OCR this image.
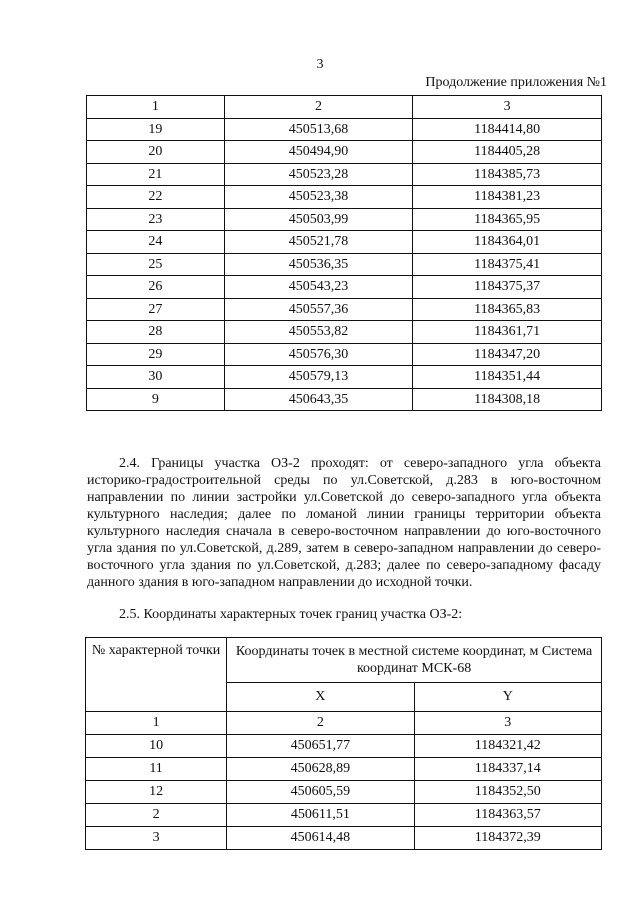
3
Продолжение приложения №1
1	2	3
19	450513,68	1184414,80
20	450494,90	1184405,28
21	450523,28	1184385,73
22	450523,38	1184381,23
23	450503,99	1184365,95
24	450521,78	1184364,01
25	450536,35	1184375,41
26	450543,23	1184375,37
27	450557,36	1184365,83
28	450553,82	1184361,71
29	450576,30	1184347,20
30	450579,13	1184351,44
9	450643,35	1184308,18
2.4. Границы участка ОЗ-2 проходят: от северо-западного угла объекта историко-градостроительной среды по ул.Советской, д.283 в юго-восточном направлении по линии застройки ул.Советской до северо-западного угла объекта культурного наследия; далее по ломаной линии границы территории объекта культурного наследия сначала в северо-восточном направлении до юго-восточного угла здания по ул.Советской, д.289, затем в северо-западном направлении до северо-восточного угла здания по ул.Советской, д.283; далее по северо-западному фасаду данного здания в юго-западном направлении до исходной точки.
2.5. Координаты характерных точек границ участка ОЗ-2:
№ характерной точки	Координаты точек в местной системе координат, м Система координат МСК-68	
	X	Y
1	2	3
10	450651,77	1184321,42
11	450628,89	1184337,14
12	450605,59	1184352,50
2	450611,51	1184363,57
3	450614,48	1184372,39
